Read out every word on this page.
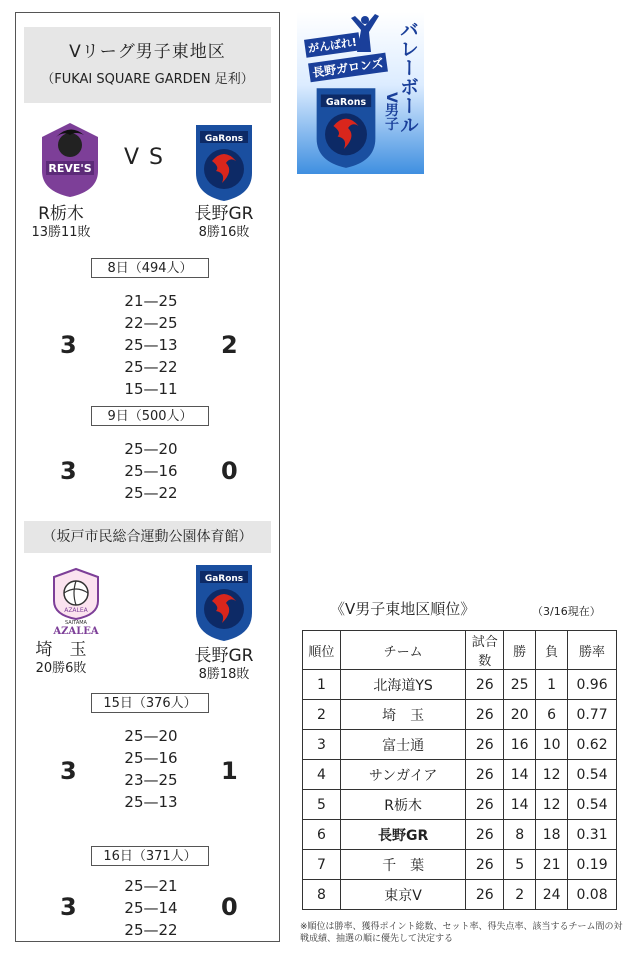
Vリーグ男子東地区
（FUKAI SQUARE GARDEN 足利）
REVE'S VS
GaRons
R栃木
13勝11敗
長野GR
8勝16敗
8日（494人）
3	2
21—25
22—25
25—13
25—22
15—11
9日（500人）
3	0
25—20
25—16
25—22
（坂戸市民総合運動公園体育館）
AZALEA
SAITAMA
AZALEA
GaRons
埼　玉
20勝6敗
長野GR
8勝18敗
15日（376人）
3	1
25—20
25—16
23—25
25—13
16日（371人）
3	0
25—21
25—14
25—22
がんばれ!
長野ガロンズ バレーボール
V男子
GaRons
《V男子東地区順位》	（3/16現在）
順位	チーム	試合数	勝	負	勝率
1	北海道YS	26	25	1	0.96
2	埼　玉	26	20	6	0.77
3	富士通	26	16	10	0.62
4	サンガイア	26	14	12	0.54
5	R栃木	26	14	12	0.54
6	長野GR	26	8	18	0.31
7	千　葉	26	5	21	0.19
8	東京V	26	2	24	0.08
※順位は勝率、獲得ポイント総数、セット率、得失点率、該当するチーム間の対戦成績、抽選の順に優先して決定する
